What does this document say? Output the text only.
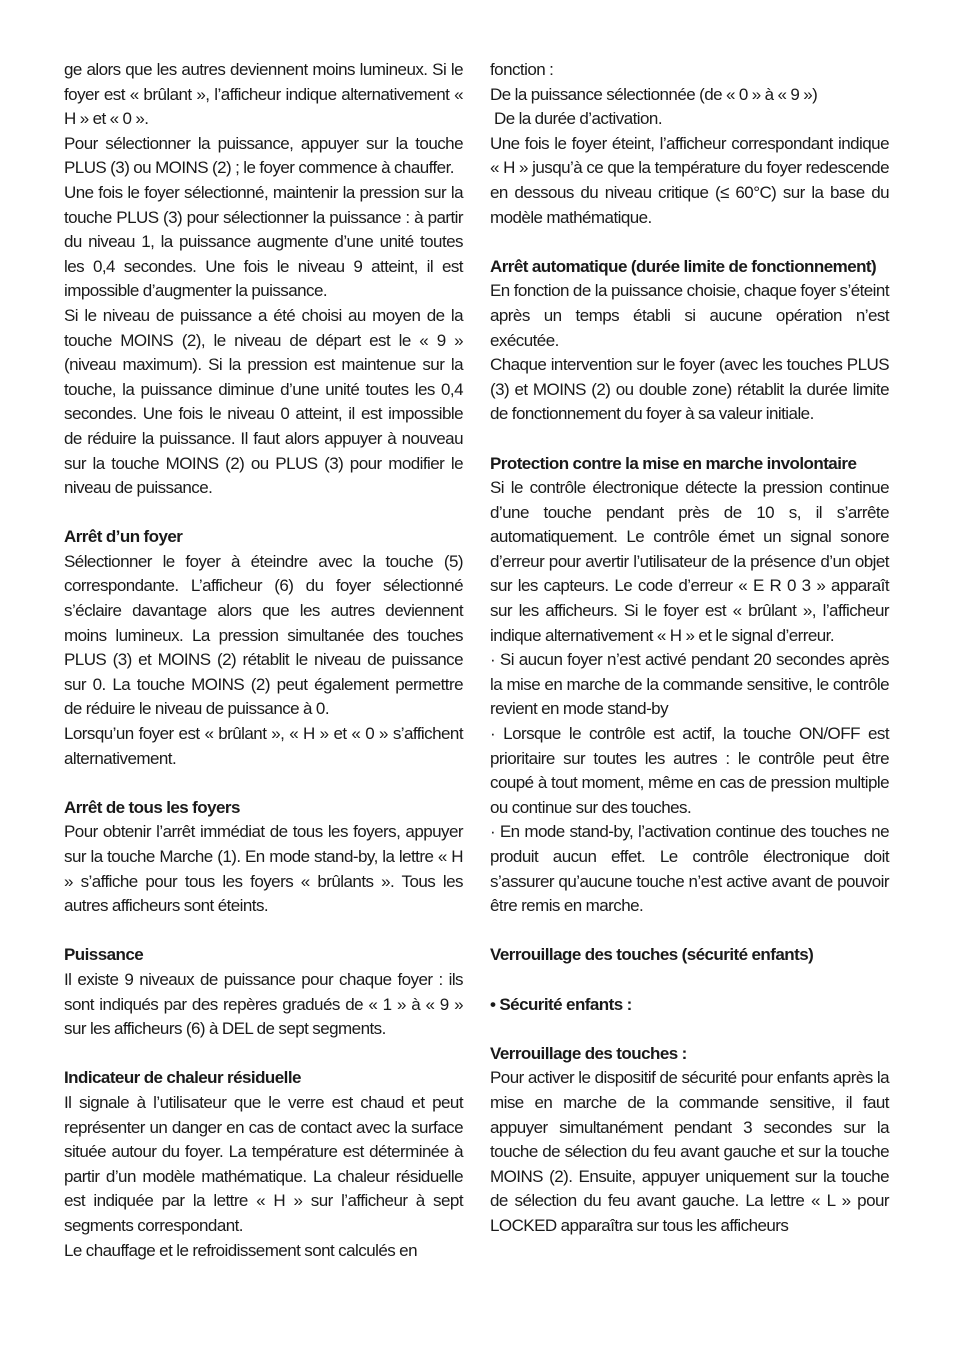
ge alors que les autres deviennent moins lumineux. Si le foyer est « brûlant », l’afficheur indique alternativement « H » et « 0 ».

Pour sélectionner la puissance, appuyer sur la touche PLUS (3) ou MOINS (2) ; le foyer commence à chauffer.

Une fois le foyer sélectionné, maintenir la pression sur la touche PLUS (3) pour sélectionner la puissance : à partir du niveau 1, la puissance augmente d’une unité toutes les 0,4 secondes. Une fois le niveau 9 atteint, il est impossible d’augmenter la puissance.

Si le niveau de puissance a été choisi au moyen de la touche MOINS (2), le niveau de départ est le « 9 » (niveau maximum). Si la pression est maintenue sur la touche, la puissance diminue d’une unité toutes les 0,4 secondes. Une fois le niveau 0 atteint, il est impossible de réduire la puissance. Il faut alors appuyer à nouveau sur la touche MOINS (2) ou PLUS (3) pour modifier le niveau de puissance.

Arrêt d’un foyer

Sélectionner le foyer à éteindre avec la touche (5) correspondante. L’afficheur (6) du foyer sélectionné s’éclaire davantage alors que les autres deviennent moins lumineux. La pression simultanée des touches PLUS (3) et MOINS (2) rétablit le niveau de puissance sur 0. La touche MOINS (2) peut également permettre de réduire le niveau de puissance à 0.

Lorsqu’un foyer est « brûlant », « H » et « 0 » s’affichent alternativement.

Arrêt de tous les foyers

Pour obtenir l’arrêt immédiat de tous les foyers, appuyer sur la touche Marche (1). En mode stand-by, la lettre « H » s’affiche pour tous les foyers « brûlants ». Tous les autres afficheurs sont éteints.

Puissance

Il existe 9 niveaux de puissance pour chaque foyer : ils sont indiqués par des repères gradués de « 1 » à « 9 » sur les afficheurs (6) à DEL de sept segments.

Indicateur de chaleur résiduelle

Il signale à l’utilisateur que le verre est chaud et peut représenter un danger en cas de contact avec la surface située autour du foyer. La température est déterminée à partir d’un modèle mathématique. La chaleur résiduelle est indiquée par la lettre « H » sur l’afficheur à sept segments correspondant.

Le chauffage et le refroidissement sont calculés en

fonction :

De la puissance sélectionnée (de « 0 » à « 9 »)

De la durée d’activation.

Une fois le foyer éteint, l’afficheur correspondant indique « H » jusqu’à ce que la température du foyer redescende en dessous du niveau critique (≤ 60°C) sur la base du modèle mathématique.

Arrêt automatique (durée limite de fonctionnement)

En fonction de la puissance choisie, chaque foyer s’éteint après un temps établi si aucune opération n’est exécutée.

Chaque intervention sur le foyer (avec les touches PLUS (3) et MOINS (2) ou double zone) rétablit la durée limite de fonctionnement du foyer à sa valeur initiale.

Protection contre la mise en marche involontaire

Si le contrôle électronique détecte la pression continue d’une touche pendant près de 10 s, il s’arrête automatiquement. Le contrôle émet un signal sonore d’erreur pour avertir l’utilisateur de la présence d’un objet sur les capteurs. Le code d’erreur « E R 0 3 » apparaît sur les afficheurs. Si le foyer est « brûlant », l’afficheur indique alternativement « H » et le signal d’erreur.

· Si aucun foyer n’est activé pendant 20 secondes après la mise en marche de la commande sensitive, le contrôle revient en mode stand-by

· Lorsque le contrôle est actif, la touche ON/OFF est prioritaire sur toutes les autres : le contrôle peut être coupé à tout moment, même en cas de pression multiple ou continue sur des touches.

· En mode stand-by, l’activation continue des touches ne produit aucun effet. Le contrôle électronique doit s’assurer qu’aucune touche n’est active avant de pouvoir être remis en marche.

Verrouillage des touches (sécurité enfants)

• Sécurité enfants :

Verrouillage des touches :

Pour activer le dispositif de sécurité pour enfants après la mise en marche de la commande sensitive, il faut appuyer simultanément pendant 3 secondes sur la touche de sélection du feu avant gauche et sur la touche MOINS (2). Ensuite, appuyer uniquement sur la touche de sélection du feu avant gauche. La lettre « L » pour LOCKED apparaîtra sur tous les afficheurs
